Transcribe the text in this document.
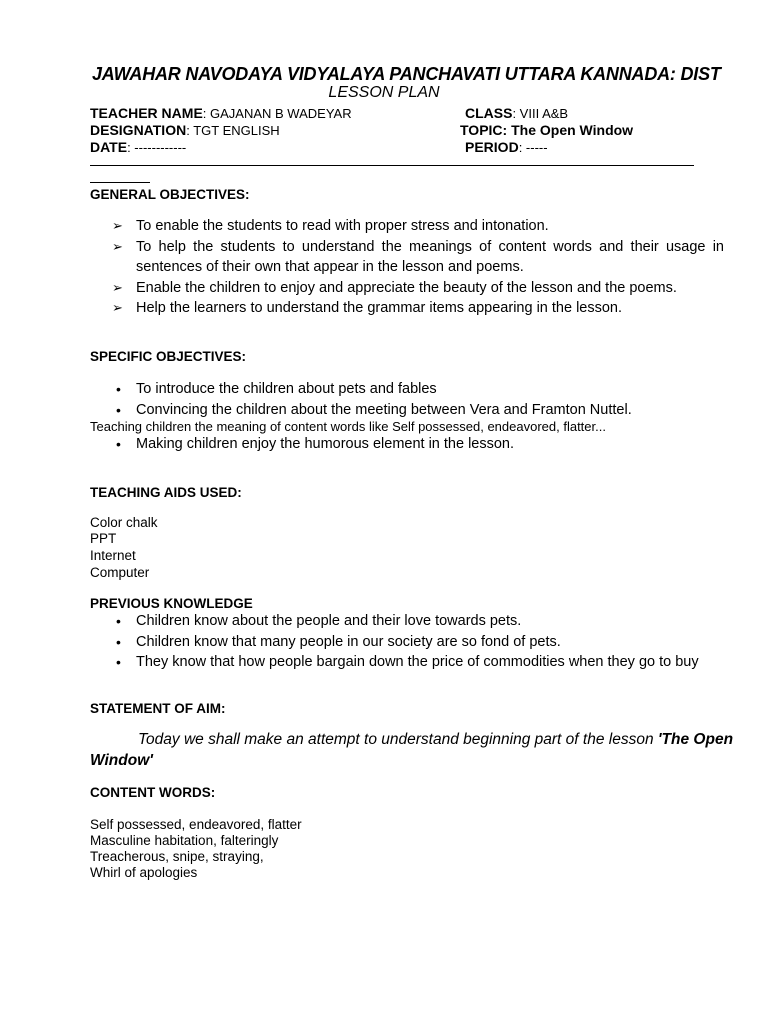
JAWAHAR NAVODAYA VIDYALAYA PANCHAVATI UTTARA KANNADA: DIST
LESSON PLAN
TEACHER NAME: GAJANAN B WADEYAR	CLASS: VIII A&B
DESIGNATION: TGT ENGLISH	TOPIC: The Open Window
DATE: ------------	PERIOD: -----
GENERAL OBJECTIVES:
➢ To enable the students to read with proper stress and intonation.
➢ To help the students to understand the meanings of content words and their usage in sentences of their own that appear in the lesson and poems.
➢ Enable the children to enjoy and appreciate the beauty of the lesson and the poems.
➢ Help the learners to understand the grammar items appearing in the lesson.
SPECIFIC OBJECTIVES:
• To introduce the children about pets and fables
• Convincing the children about the meeting between Vera and Framton Nuttel.
Teaching children the meaning of content words like Self possessed, endeavored, flatter...
• Making children enjoy the humorous element in the lesson.
TEACHING AIDS USED:
Color chalk
PPT
Internet
Computer
PREVIOUS KNOWLEDGE
• Children know about the people and their love towards pets.
• Children know that many people in our society are so fond of pets.
• They know that how people bargain down the price of commodities when they go to buy
STATEMENT OF AIM:
Today we shall make an attempt to understand beginning part of the lesson 'The Open
Window'
CONTENT WORDS:
Self possessed, endeavored, flatter
Masculine habitation, falteringly
Treacherous, snipe, straying,
Whirl of apologies
